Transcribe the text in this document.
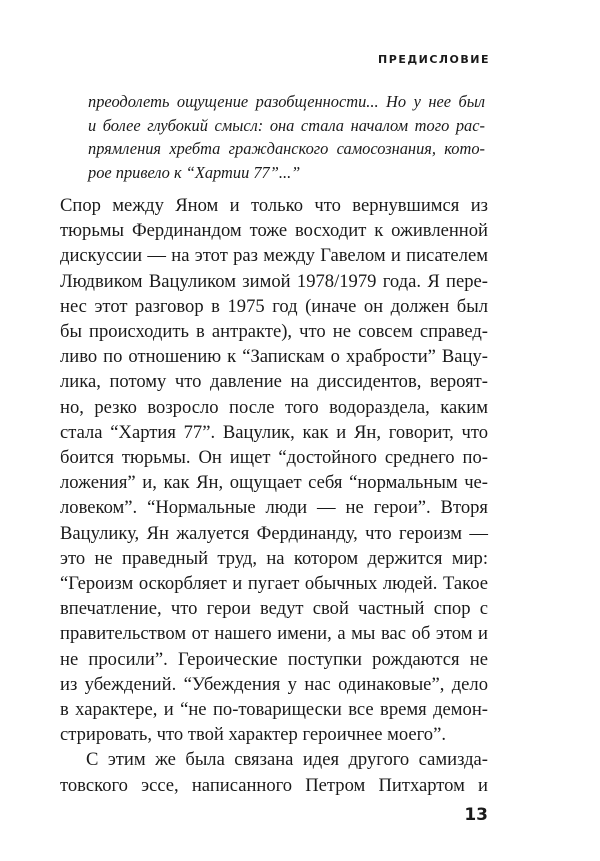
ПРЕДИСЛОВИЕ
преодолеть ощущение разобщенности... Но у нее был
и более глубокий смысл: она стала началом того рас-
прямления хребта гражданского самосознания, кото-
рое привело к “Хартии 77”...”
Спор между Яном и только что вернувшимся из
тюрьмы Фердинандом тоже восходит к оживленной
дискуссии — на этот раз между Гавелом и писателем
Людвиком Вацуликом зимой 1978/1979 года. Я пере-
нес этот разговор в 1975 год (иначе он должен был
бы происходить в антракте), что не совсем справед-
ливо по отношению к “Запискам о храбрости” Вацу-
лика, потому что давление на диссидентов, вероят-
но, резко возросло после того водораздела, каким
стала “Хартия 77”. Вацулик, как и Ян, говорит, что
боится тюрьмы. Он ищет “достойного среднего по-
ложения” и, как Ян, ощущает себя “нормальным че-
ловеком”. “Нормальные люди — не герои”. Вторя
Вацулику, Ян жалуется Фердинанду, что героизм —
это не праведный труд, на котором держится мир:
“Героизм оскорбляет и пугает обычных людей. Такое
впечатление, что герои ведут свой частный спор с
правительством от нашего имени, а мы вас об этом и
не просили”. Героические поступки рождаются не
из убеждений. “Убеждения у нас одинаковые”, дело
в характере, и “не по-товарищески все время демон-
стрировать, что твой характер героичнее моего”.
С этим же была связана идея другого самиздa-
товского эссе, написанного Петром Питхартом и
13
